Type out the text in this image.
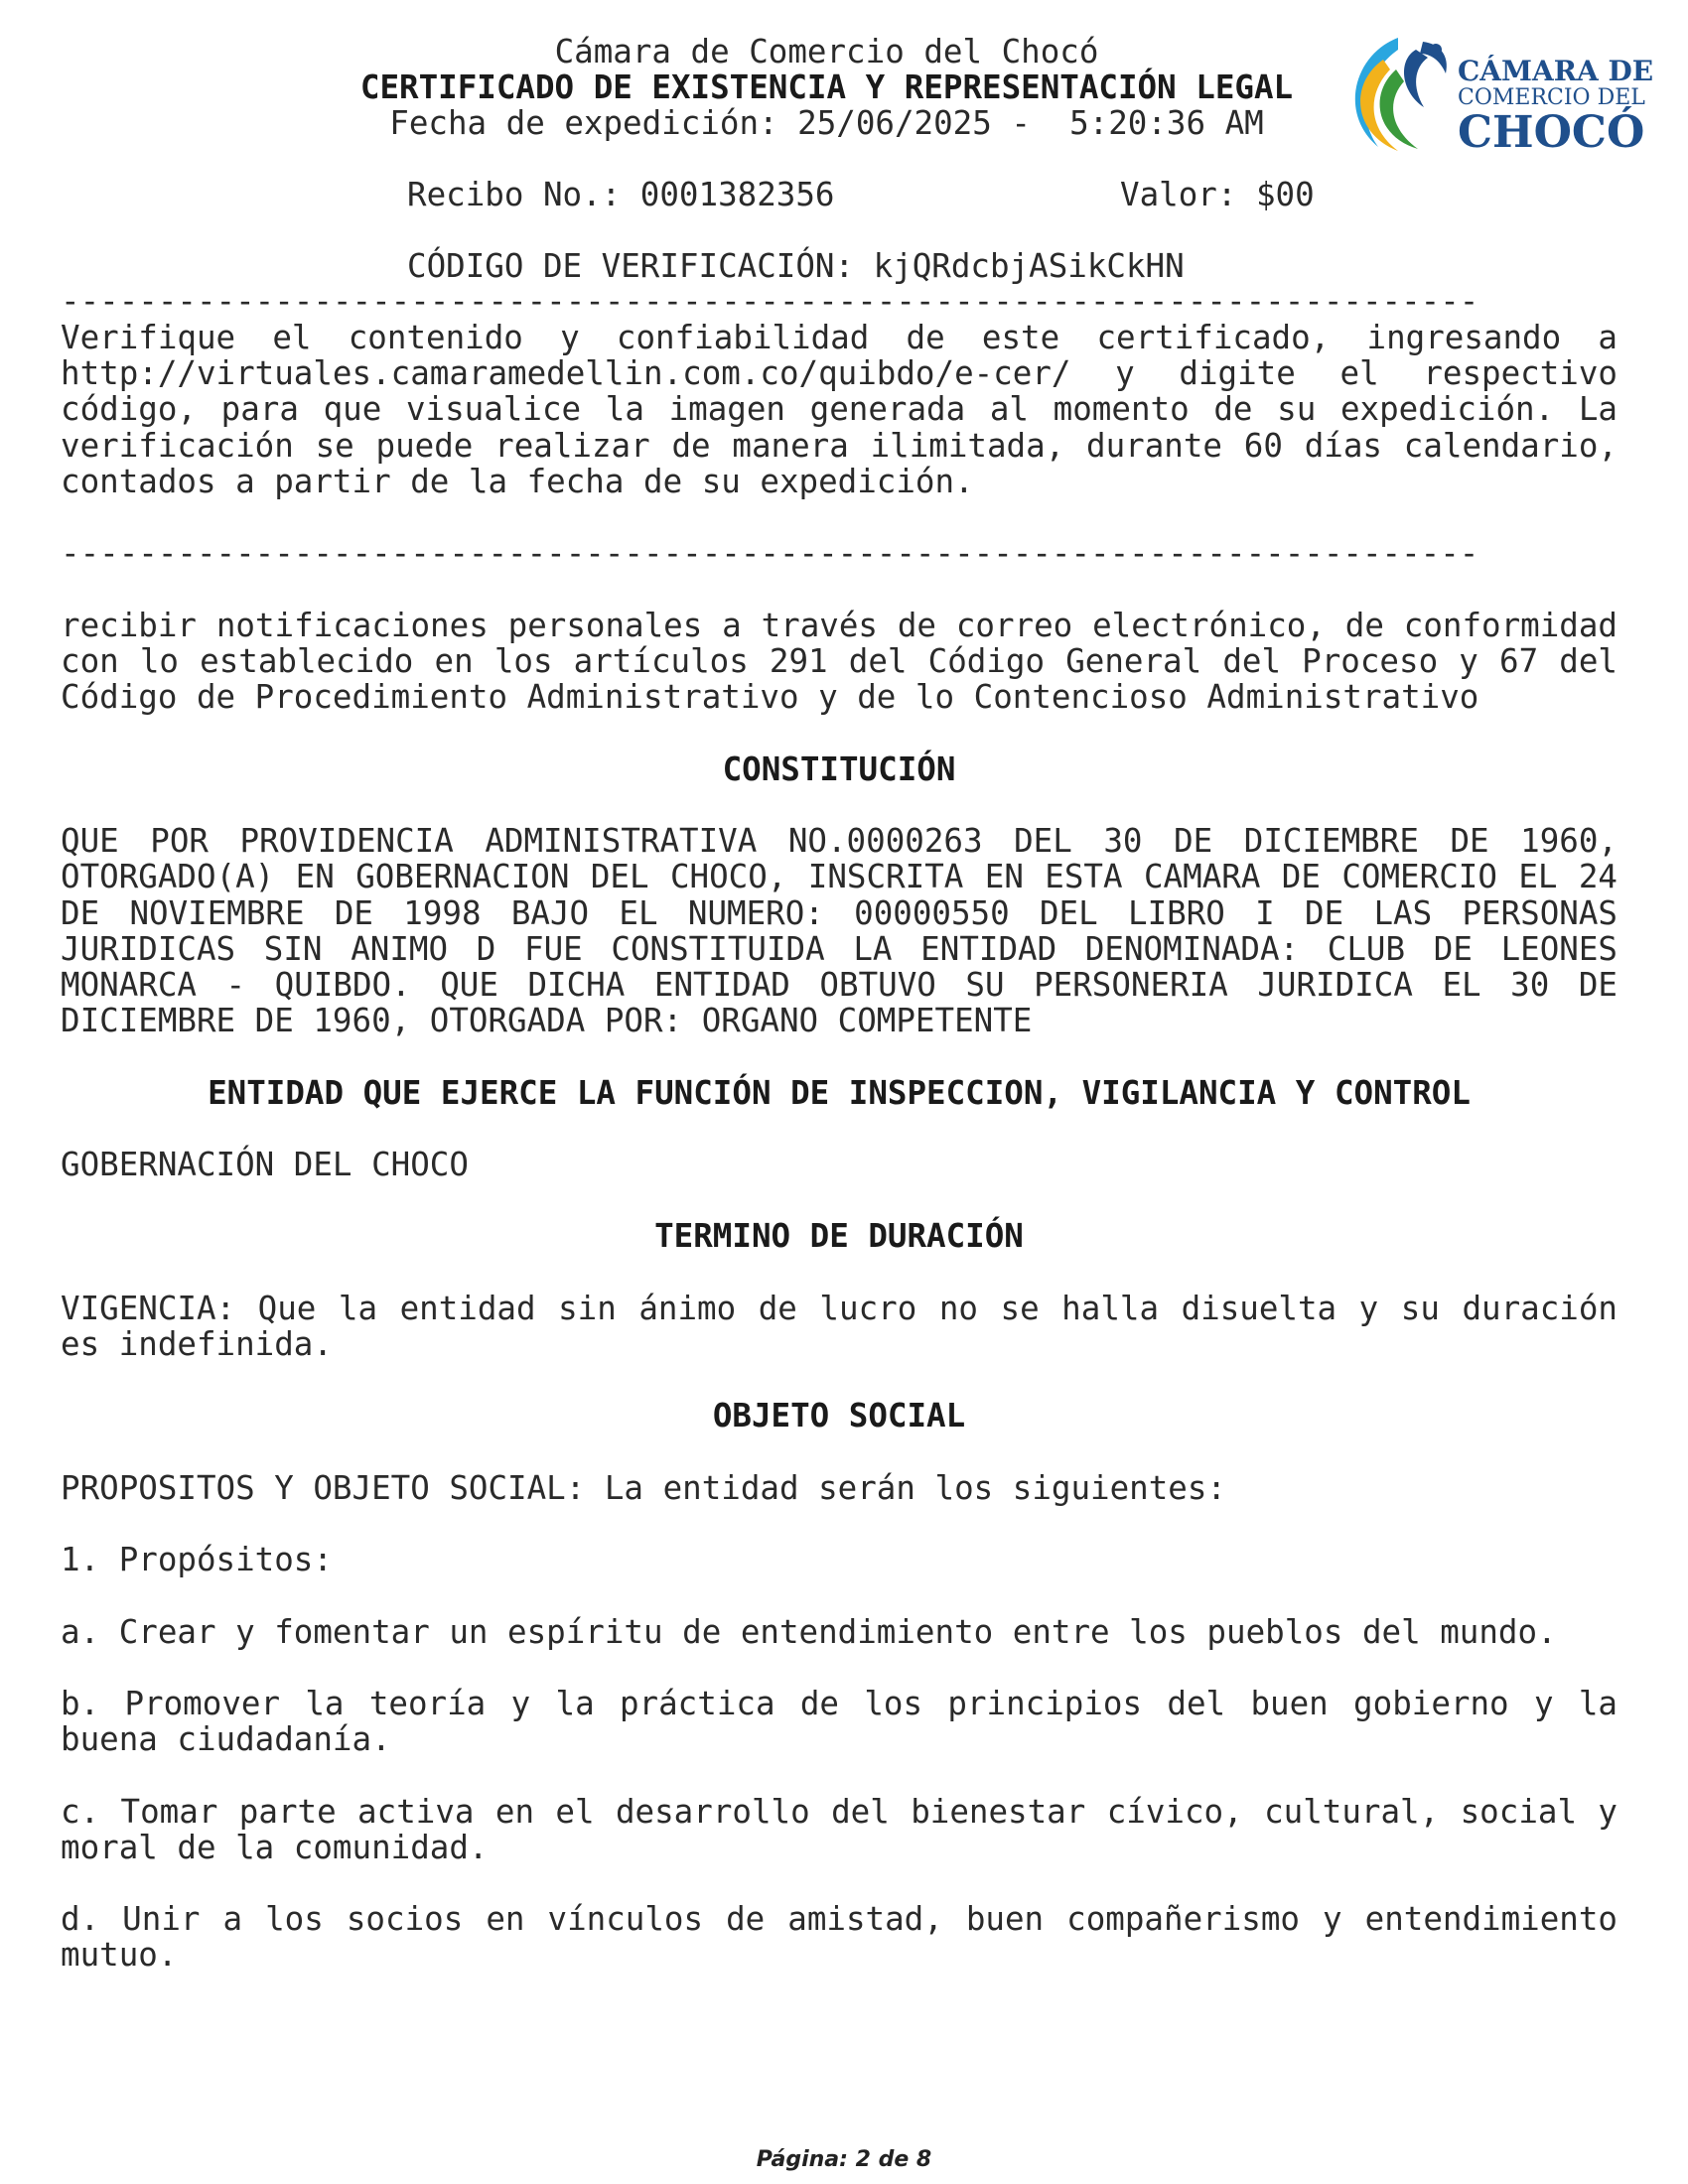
Cámara de Comercio del Chocó
CERTIFICADO DE EXISTENCIA Y REPRESENTACIÓN LEGAL
Fecha de expedición: 25/06/2025 -  5:20:36 AM
Recibo No.: 0001382356	Valor: $00
CÓDIGO DE VERIFICACIÓN: kjQRdcbjASikCkHN
CÁMARA DE
COMERCIO DEL
CHOCÓ
-------------------------------------------------------------------------
Verifique el contenido y confiabilidad de este certificado, ingresando a http://virtuales.camaramedellin.com.co/quibdo/e-cer/ y digite el respectivo código, para que visualice la imagen generada al momento de su expedición. La verificación se puede realizar de manera ilimitada, durante 60 días calendario, contados a partir de la fecha de su expedición.
-------------------------------------------------------------------------

recibir notificaciones personales a través de correo electrónico, de conformidad con lo establecido en los artículos 291 del Código General del Proceso y 67 del Código de Procedimiento Administrativo y de lo Contencioso Administrativo

CONSTITUCIÓN

QUE POR PROVIDENCIA ADMINISTRATIVA NO.0000263 DEL 30 DE DICIEMBRE DE 1960, OTORGADO(A) EN GOBERNACION DEL CHOCO, INSCRITA EN ESTA CAMARA DE COMERCIO EL 24 DE NOVIEMBRE DE 1998 BAJO EL NUMERO: 00000550 DEL LIBRO I DE LAS PERSONAS JURIDICAS SIN ANIMO D FUE CONSTITUIDA LA ENTIDAD DENOMINADA: CLUB DE LEONES MONARCA - QUIBDO. QUE DICHA ENTIDAD OBTUVO SU PERSONERIA JURIDICA EL 30 DE DICIEMBRE DE 1960, OTORGADA POR: ORGANO COMPETENTE

ENTIDAD QUE EJERCE LA FUNCIÓN DE INSPECCION, VIGILANCIA Y CONTROL

GOBERNACIÓN DEL CHOCO

TERMINO DE DURACIÓN

VIGENCIA: Que la entidad sin ánimo de lucro no se halla disuelta y su duración es indefinida.

OBJETO SOCIAL

PROPOSITOS Y OBJETO SOCIAL: La entidad serán los siguientes:

1. Propósitos:

a. Crear y fomentar un espíritu de entendimiento entre los pueblos del mundo.

b. Promover la teoría y la práctica de los principios del buen gobierno y la buena ciudadanía.

c. Tomar parte activa en el desarrollo del bienestar cívico, cultural, social y moral de la comunidad.

d. Unir a los socios en vínculos de amistad, buen compañerismo y entendimiento mutuo.

Página: 2 de 8
